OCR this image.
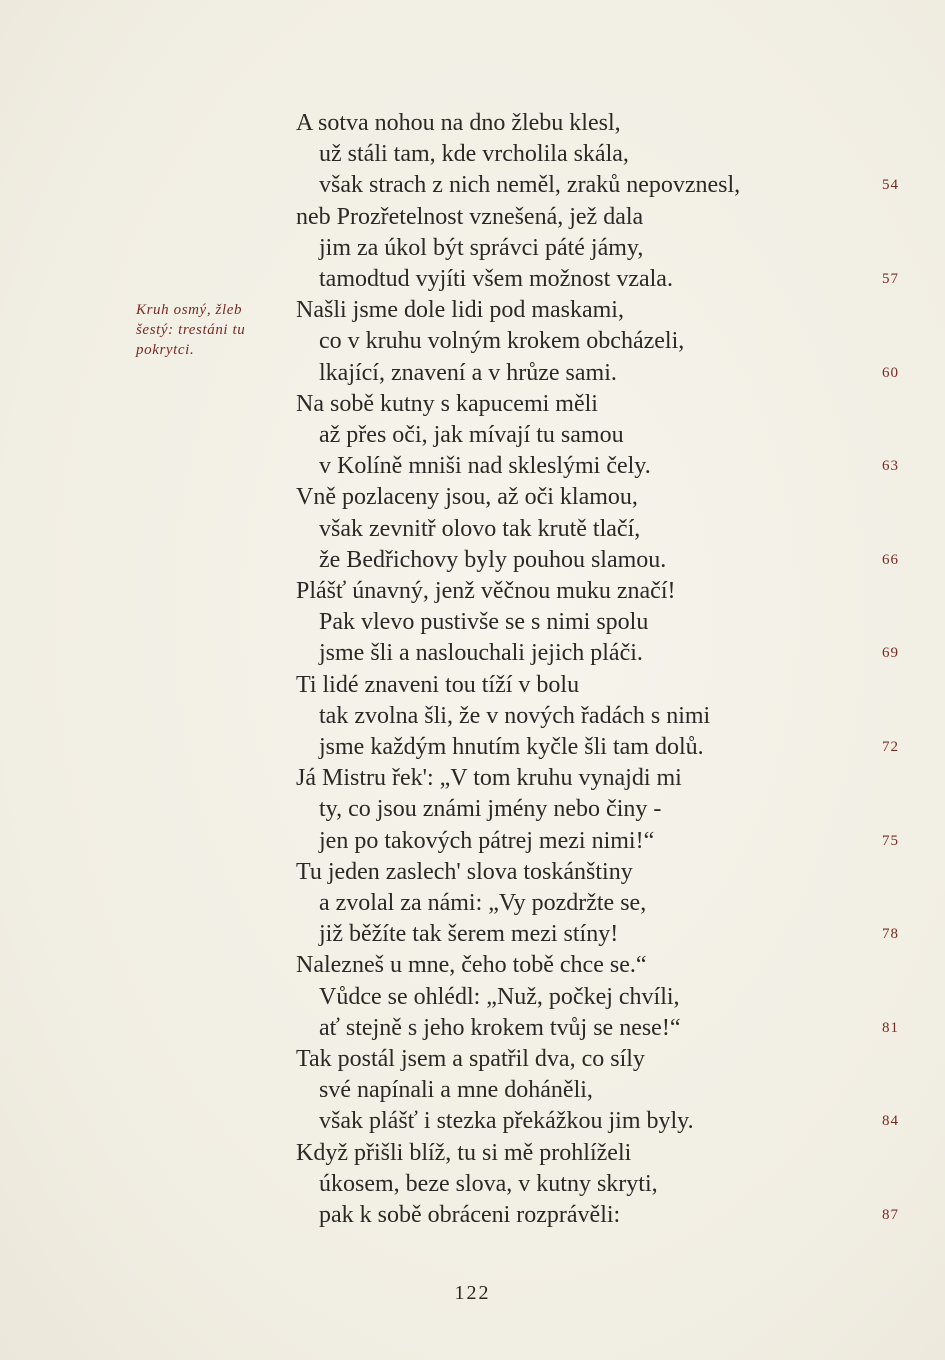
Kruh osmý, žleb
šestý: trestáni tu
pokrytci.
A sotva nohou na dno žlebu klesl,
už stáli tam, kde vrcholila skála,
však strach z nich neměl, zraků nepovznesl,	54
neb Prozřetelnost vznešená, jež dala
jim za úkol být správci páté jámy,
tamodtud vyjíti všem možnost vzala.	57
Našli jsme dole lidi pod maskami,
co v kruhu volným krokem obcházeli,
lkající, znavení a v hrůze sami.	60
Na sobě kutny s kapucemi měli
až přes oči, jak mívají tu samou
v Kolíně mniši nad skleslými čely.	63
Vně pozlaceny jsou, až oči klamou,
však zevnitř olovo tak krutě tlačí,
že Bedřichovy byly pouhou slamou.	66
Plášť únavný, jenž věčnou muku značí!
Pak vlevo pustivše se s nimi spolu
jsme šli a naslouchali jejich pláči.	69
Ti lidé znaveni tou tíží v bolu
tak zvolna šli, že v nových řadách s nimi
jsme každým hnutím kyčle šli tam dolů.	72
Já Mistru řek': „V tom kruhu vynajdi mi
ty, co jsou známi jmény nebo činy -
jen po takových pátrej mezi nimi!“	75
Tu jeden zaslech' slova toskánštiny
a zvolal za námi: „Vy pozdržte se,
již běžíte tak šerem mezi stíny!	78
Nalezneš u mne, čeho tobě chce se.“
Vůdce se ohlédl: „Nuž, počkej chvíli,
ať stejně s jeho krokem tvůj se nese!“	81
Tak postál jsem a spatřil dva, co síly
své napínali a mne doháněli,
však plášť i stezka překážkou jim byly.	84
Když přišli blíž, tu si mě prohlíželi
úkosem, beze slova, v kutny skryti,
pak k sobě obráceni rozprávěli:	87
122
